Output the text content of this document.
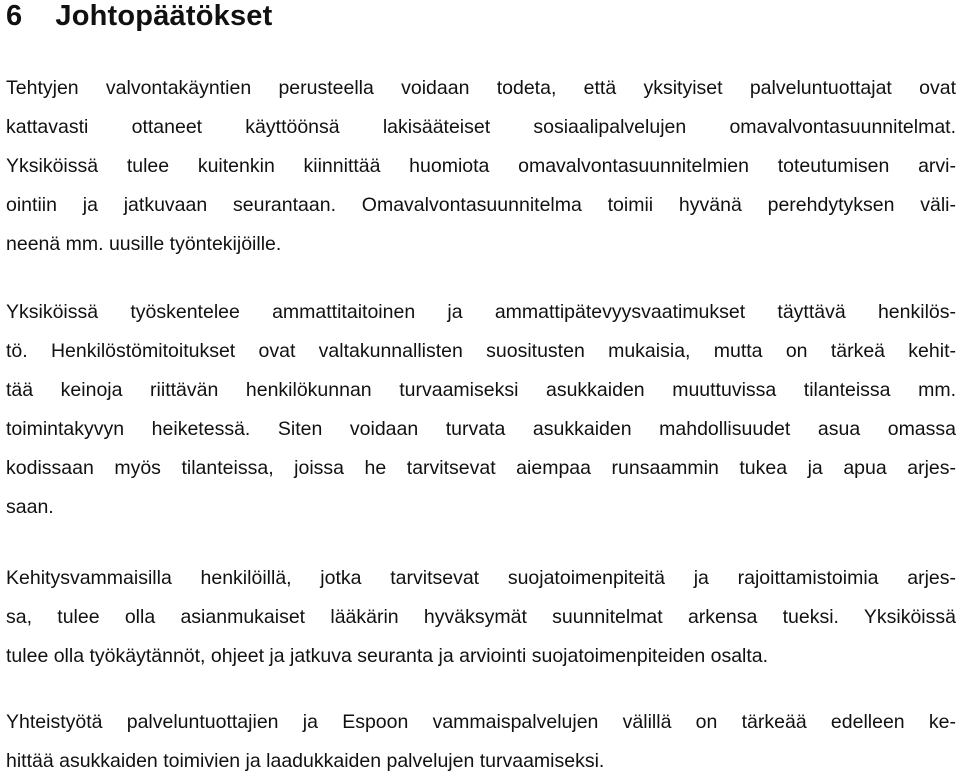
6 Johtopäätökset

Tehtyjen valvontakäyntien perusteella voidaan todeta, että yksityiset palveluntuottajat ovat
kattavasti ottaneet käyttöönsä lakisääteiset sosiaalipalvelujen omavalvontasuunnitelmat.
Yksiköissä tulee kuitenkin kiinnittää huomiota omavalvontasuunnitelmien toteutumisen arvi-
ointiin ja jatkuvaan seurantaan. Omavalvontasuunnitelma toimii hyvänä perehdytyksen väli-
neenä mm. uusille työntekijöille.

Yksiköissä työskentelee ammattitaitoinen ja ammattipätevyysvaatimukset täyttävä henkilös-
tö. Henkilöstömitoitukset ovat valtakunnallisten suositusten mukaisia, mutta on tärkeä kehit-
tää keinoja riittävän henkilökunnan turvaamiseksi asukkaiden muuttuvissa tilanteissa mm.
toimintakyvyn heiketessä. Siten voidaan turvata asukkaiden mahdollisuudet asua omassa
kodissaan myös tilanteissa, joissa he tarvitsevat aiempaa runsaammin tukea ja apua arjes-
saan.

Kehitysvammaisilla henkilöillä, jotka tarvitsevat suojatoimenpiteitä ja rajoittamistoimia arjes-
sa, tulee olla asianmukaiset lääkärin hyväksymät suunnitelmat arkensa tueksi. Yksiköissä
tulee olla työkäytännöt, ohjeet ja jatkuva seuranta ja arviointi suojatoimenpiteiden osalta.

Yhteistyötä palveluntuottajien ja Espoon vammaispalvelujen välillä on tärkeää edelleen ke-
hittää asukkaiden toimivien ja laadukkaiden palvelujen turvaamiseksi.
